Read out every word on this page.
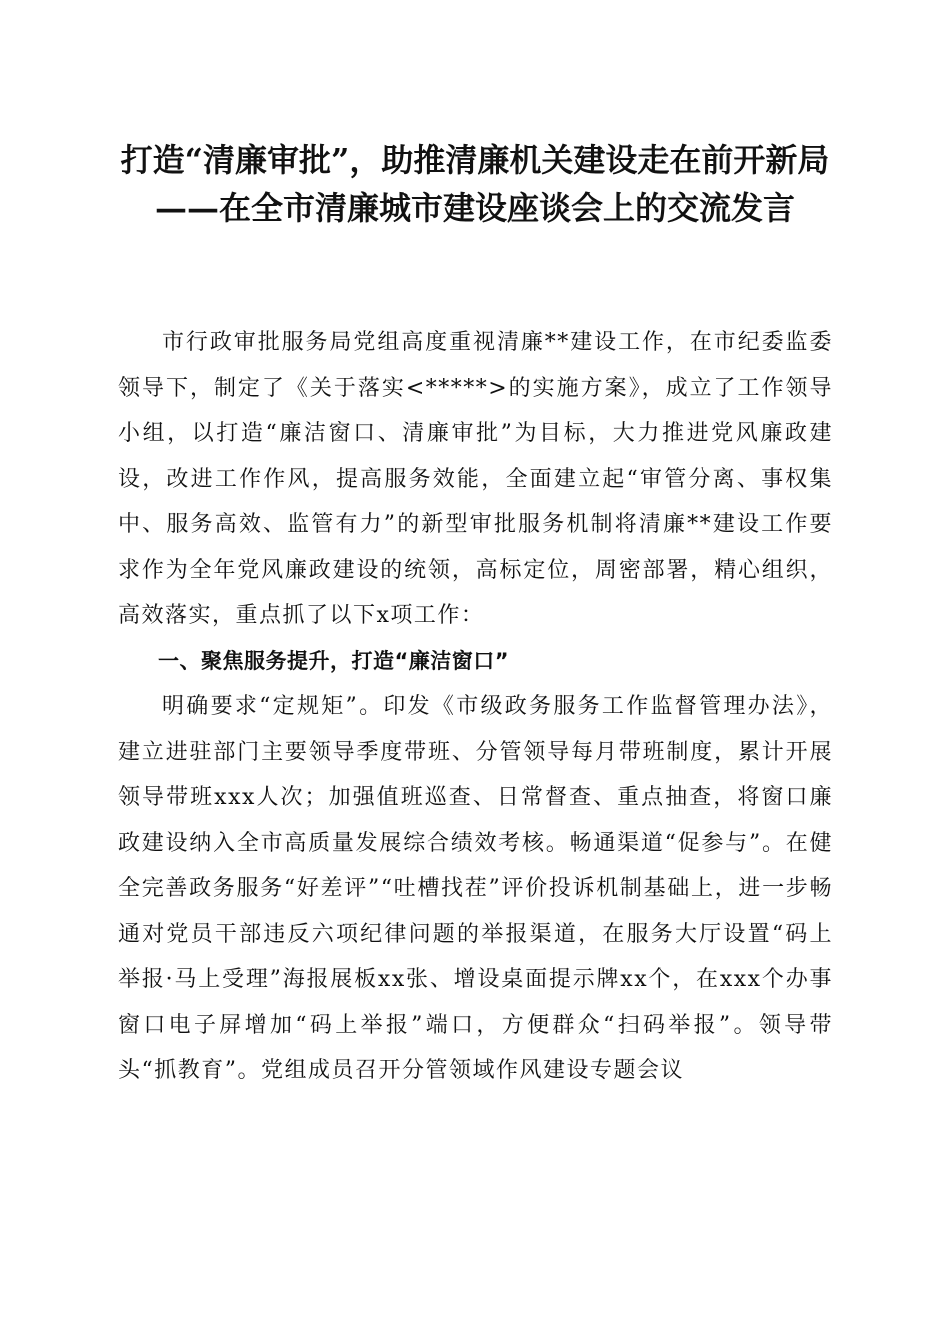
打造“清廉审批”，助推清廉机关建设走在前开新局——在全市清廉城市建设座谈会上的交流发言

市行政审批服务局党组高度重视清廉**建设工作，在市纪委监委领导下，制定了《关于落实<*****>的实施方案》，成立了工作领导小组，以打造“廉洁窗口、清廉审批”为目标，大力推进党风廉政建设，改进工作作风，提高服务效能，全面建立起“审管分离、事权集中、服务高效、监管有力”的新型审批服务机制将清廉**建设工作要求作为全年党风廉政建设的统领，高标定位，周密部署，精心组织，高效落实，重点抓了以下x项工作：

一、聚焦服务提升，打造“廉洁窗口”

明确要求“定规矩”。印发《市级政务服务工作监督管理办法》，建立进驻部门主要领导季度带班、分管领导每月带班制度，累计开展领导带班xxx人次；加强值班巡查、日常督查、重点抽查，将窗口廉政建设纳入全市高质量发展综合绩效考核。畅通渠道“促参与”。在健全完善政务服务“好差评”“吐槽找茬”评价投诉机制基础上，进一步畅通对党员干部违反六项纪律问题的举报渠道，在服务大厅设置“码上举报·马上受理”海报展板xx张、增设桌面提示牌xx个，在xxx个办事窗口电子屏增加“码上举报”端口，方便群众“扫码举报”。领导带头“抓教育”。党组成员召开分管领域作风建设专题会议
